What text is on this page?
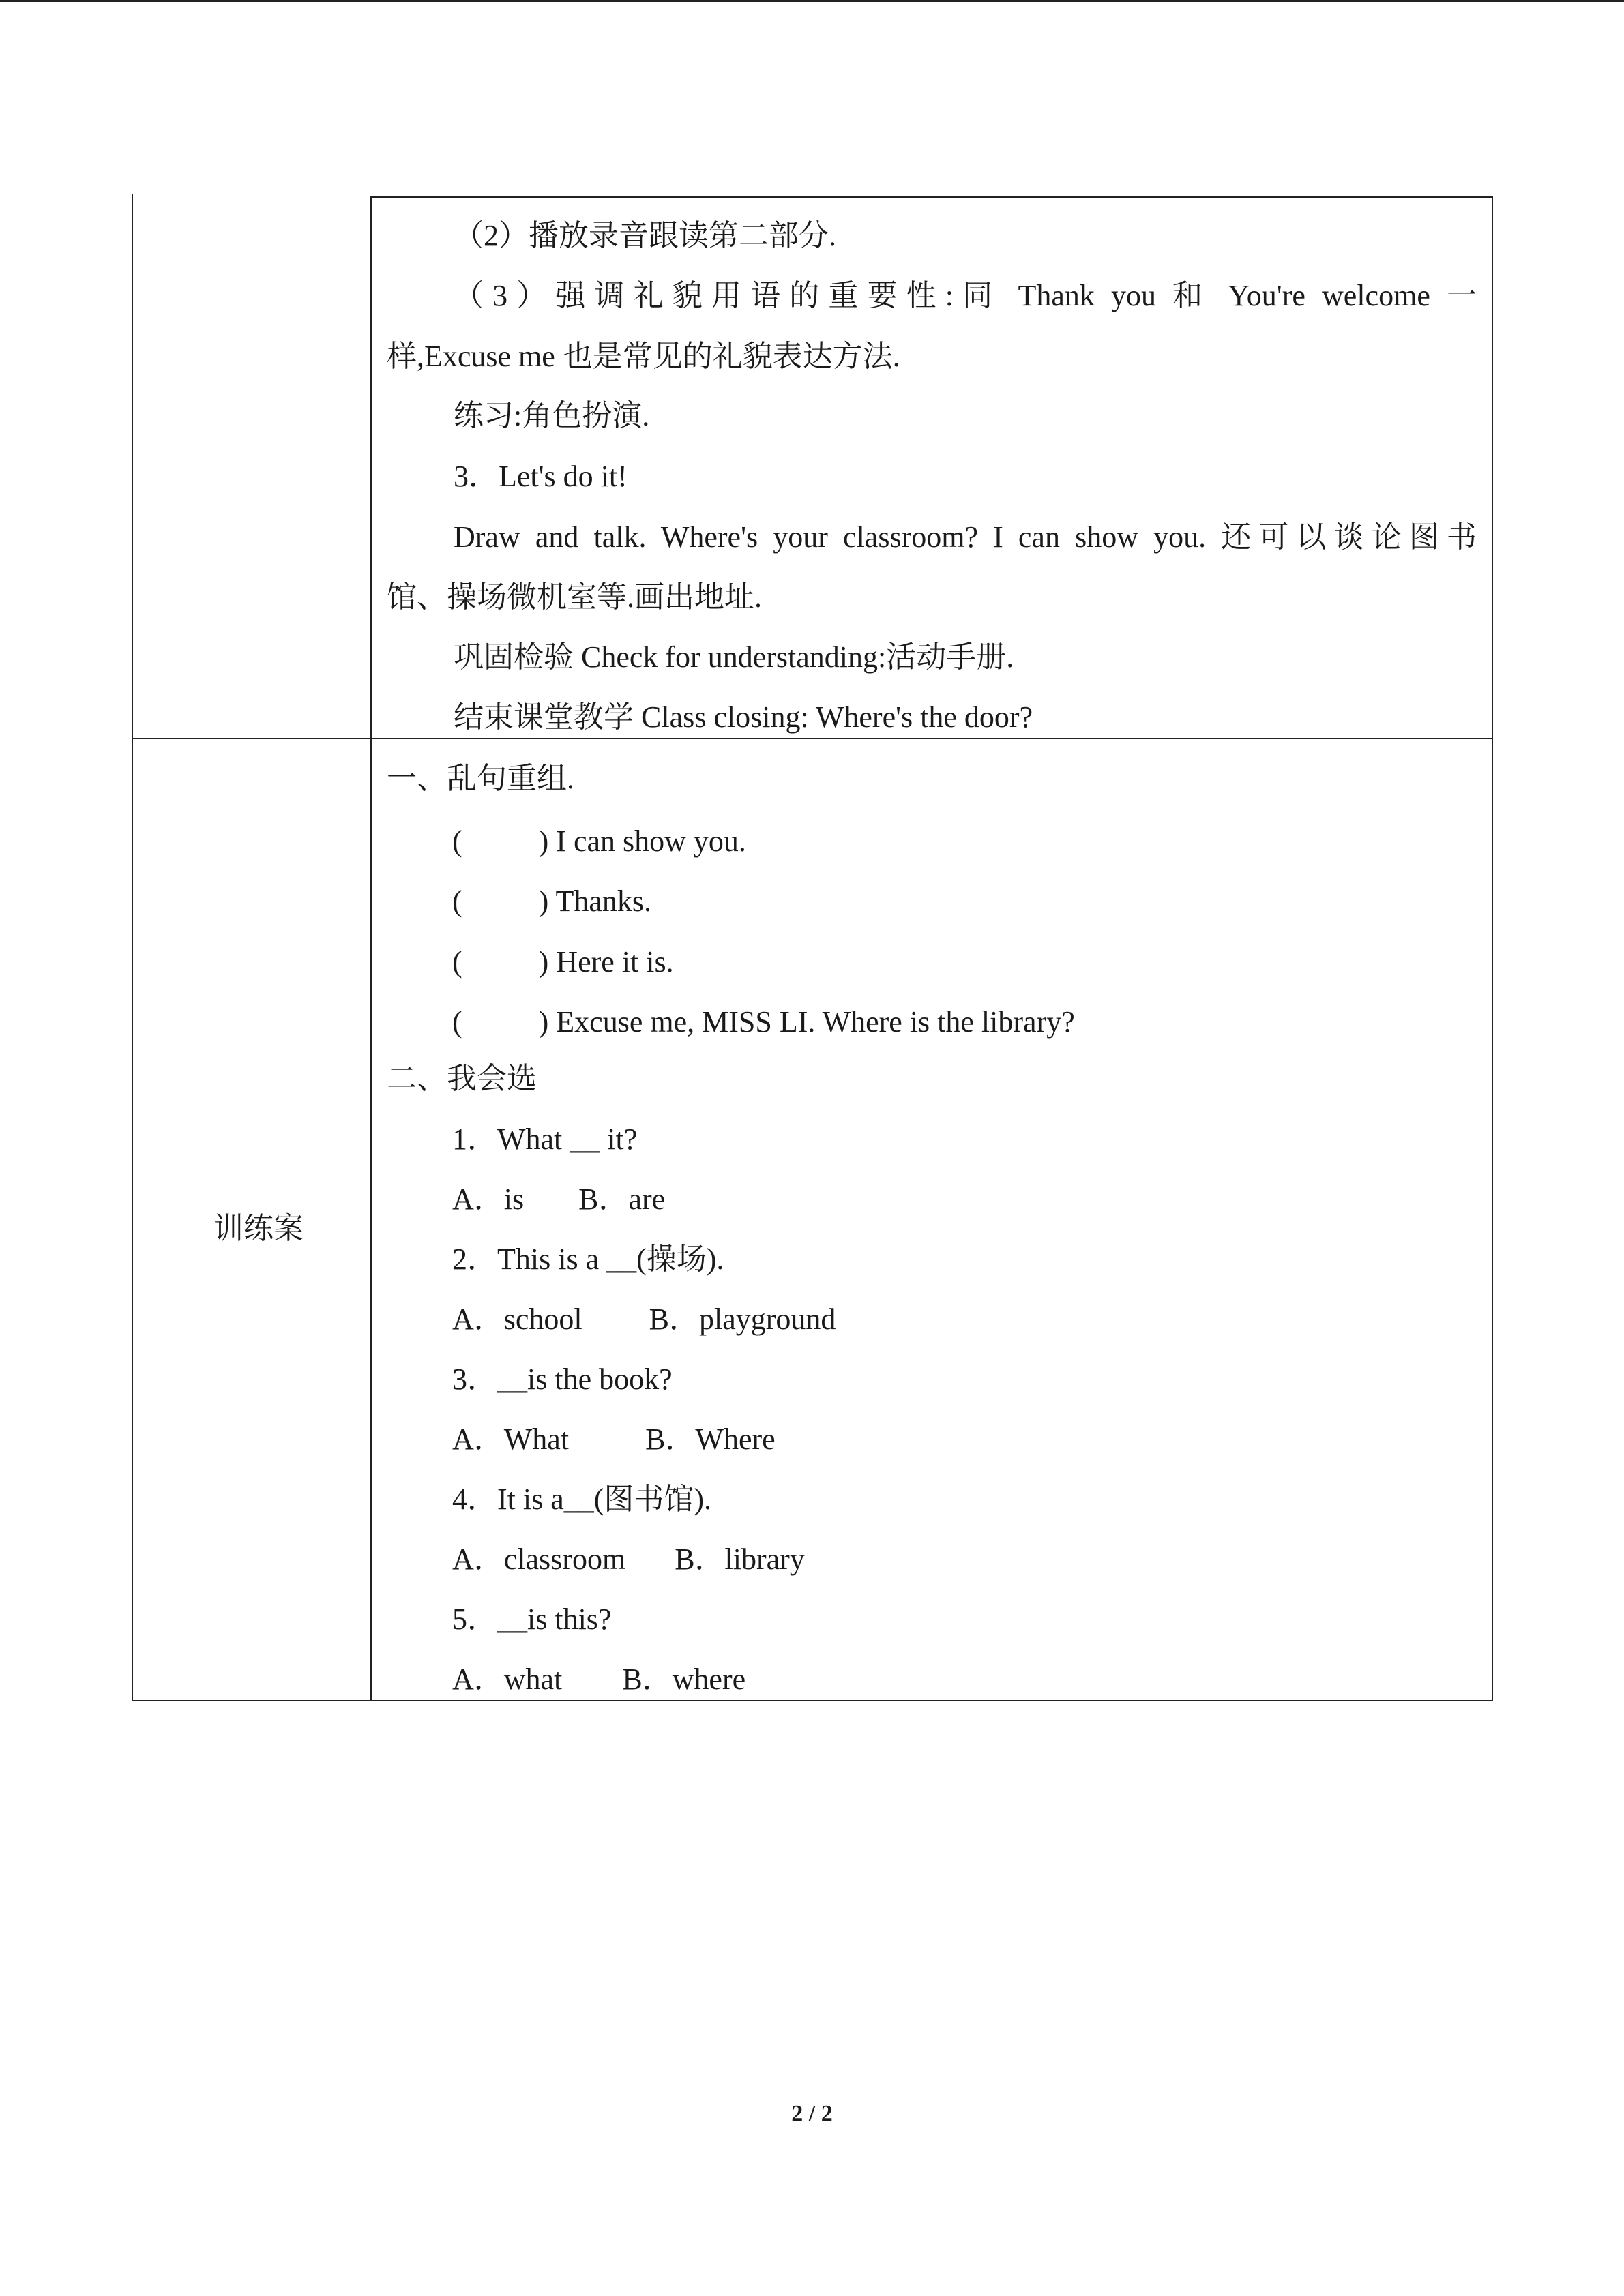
（2）播放录音跟读第二部分.
（3）强调礼貌用语的重要性:同 Thank you 和 You're welcome 一
样,Excuse me 也是常见的礼貌表达方法.
练习:角色扮演.
3．Let's do it!
Draw and talk. Where's your classroom? I can show you. 还可以谈论图书
馆、操场微机室等.画出地址.
巩固检验 Check for understanding:活动手册.
结束课堂教学 Class closing: Where's the door?
训练案
一、乱句重组.
(	) I can show you.
(	) Thanks.
(	) Here it is.
(	) Excuse me, MISS LI. Where is the library?
二、我会选
1．What __ it?
A．is B．are
2．This is a __(操场).
A．school B．playground
3．__is the book?
A．What	B．Where
4．It is a__(图书馆).
A．classroom B．library
5．__is this?
A．what B．where
2 / 2
